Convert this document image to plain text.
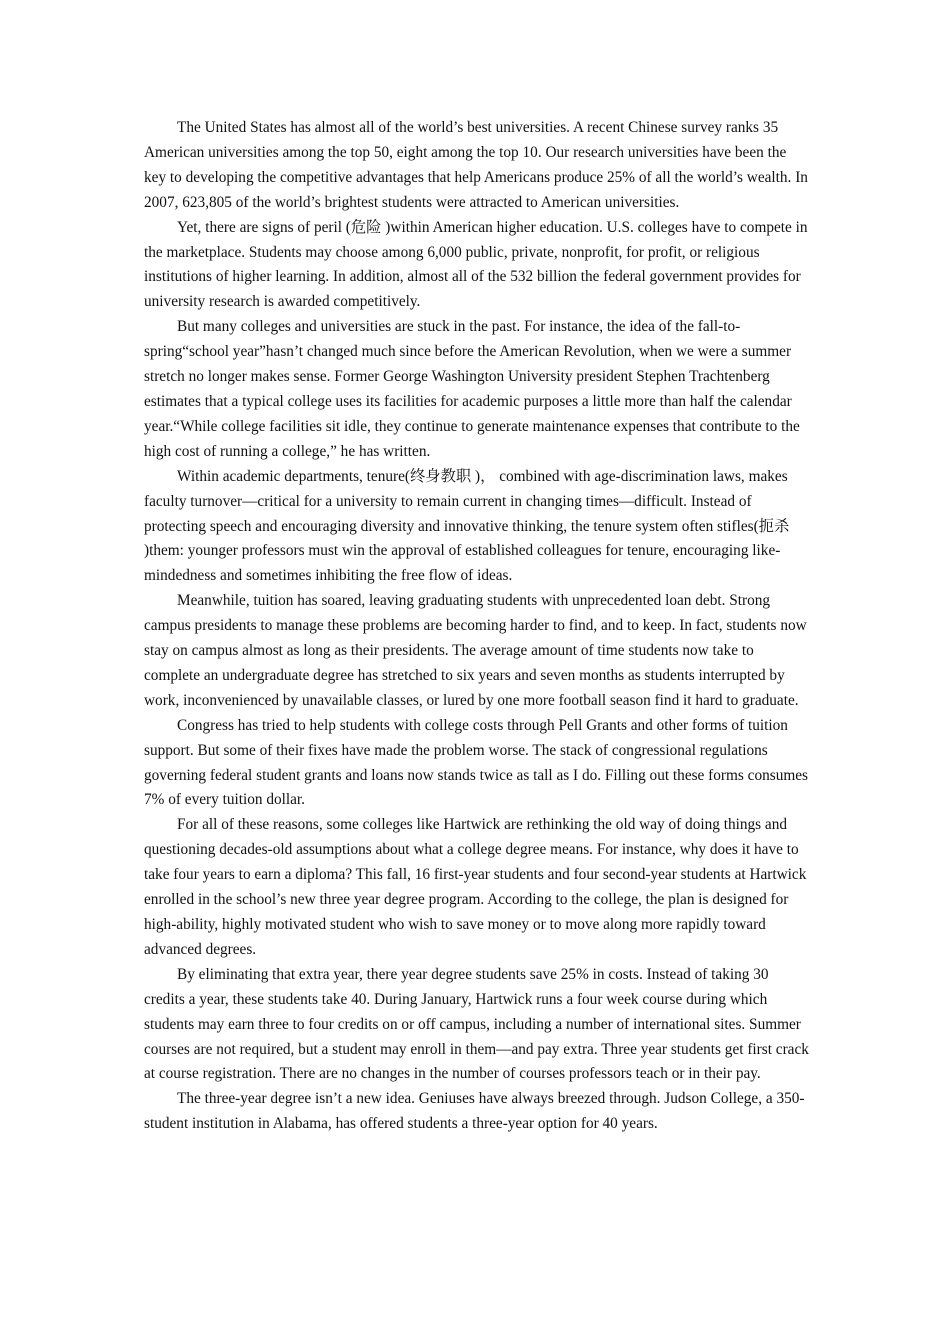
The United States has almost all of the world’s best universities. A recent Chinese survey ranks 35 American universities among the top 50, eight among the top 10. Our research universities have been the key to developing the competitive advantages that help Americans produce 25% of all the world’s wealth. In 2007, 623,805 of the world’s brightest students were attracted to American universities.

Yet, there are signs of peril (危险 )within American higher education. U.S. colleges have to compete in the marketplace. Students may choose among 6,000 public, private, nonprofit, for profit, or religious institutions of higher learning. In addition, almost all of the 532 billion the federal government provides for university research is awarded competitively.

But many colleges and universities are stuck in the past. For instance, the idea of the fall-to-spring“school year”hasn’t changed much since before the American Revolution, when we were a summer stretch no longer makes sense. Former George Washington University president Stephen Trachtenberg estimates that a typical college uses its facilities for academic purposes a little more than half the calendar year.“While college facilities sit idle, they continue to generate maintenance expenses that contribute to the high cost of running a college,” he has written.

Within academic departments, tenure(终身教职 )， combined with age-discrimination laws, makes faculty turnover—critical for a university to remain current in changing times—difficult. Instead of protecting speech and encouraging diversity and innovative thinking, the tenure system often stifles(扼杀 )them: younger professors must win the approval of established colleagues for tenure, encouraging like-mindedness and sometimes inhibiting the free flow of ideas.

Meanwhile, tuition has soared, leaving graduating students with unprecedented loan debt. Strong campus presidents to manage these problems are becoming harder to find, and to keep. In fact, students now stay on campus almost as long as their presidents. The average amount of time students now take to complete an undergraduate degree has stretched to six years and seven months as students interrupted by work, inconvenienced by unavailable classes, or lured by one more football season find it hard to graduate.

Congress has tried to help students with college costs through Pell Grants and other forms of tuition support. But some of their fixes have made the problem worse. The stack of congressional regulations governing federal student grants and loans now stands twice as tall as I do. Filling out these forms consumes 7% of every tuition dollar.

For all of these reasons, some colleges like Hartwick are rethinking the old way of doing things and questioning decades-old assumptions about what a college degree means. For instance, why does it have to take four years to earn a diploma? This fall, 16 first-year students and four second-year students at Hartwick enrolled in the school’s new three year degree program. According to the college, the plan is designed for high-ability, highly motivated student who wish to save money or to move along more rapidly toward advanced degrees.

By eliminating that extra year, there year degree students save 25% in costs. Instead of taking 30 credits a year, these students take 40. During January, Hartwick runs a four week course during which students may earn three to four credits on or off campus, including a number of international sites. Summer courses are not required, but a student may enroll in them—and pay extra. Three year students get first crack at course registration. There are no changes in the number of courses professors teach or in their pay.

The three-year degree isn’t a new idea. Geniuses have always breezed through. Judson College, a 350-student institution in Alabama, has offered students a three-year option for 40 years.
